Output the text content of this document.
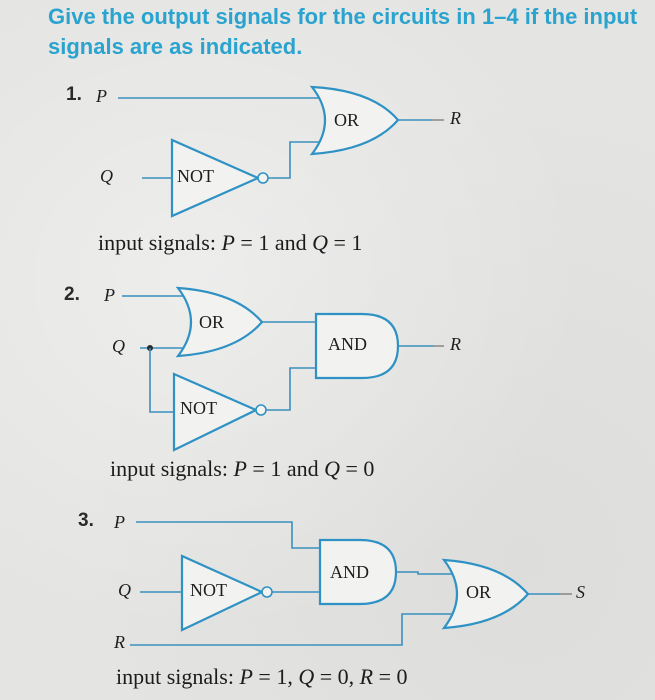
Give the output signals for the circuits in 1–4 if the input signals are as indicated.
1. P
Q
R
OR
NOT
input signals: P = 1 and Q = 1
2. P
Q	R
OR
AND
NOT
input signals: P = 1 and Q = 0
3. P
Q
R
S
AND
NOT	OR
input signals: P = 1, Q = 0, R = 0
